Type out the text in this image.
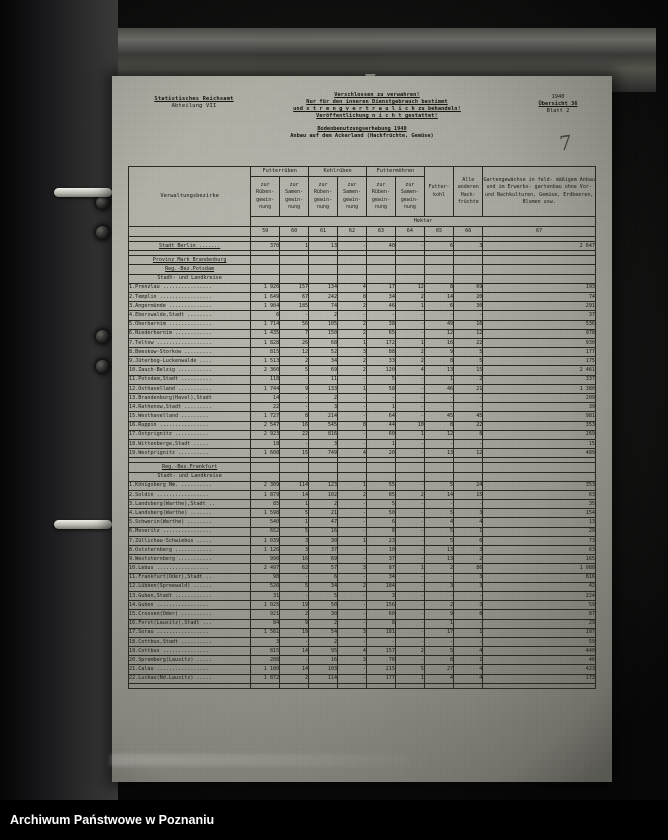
Statistisches Reichsamt
Abteilung VII
Verschlossen zu verwahren!
Nur für den inneren Dienstgebrauch bestimmt
und s t r e n g v e r t r a u l i c h zu behandeln!
Veröffentlichung n i c h t gestattet!
1940
Übersicht 36
Blatt 2
7
Bodenbenutzungserhebung 1940
Anbau auf dem Ackerland (Hackfrüchte, Gemüse)
Verwaltungsbezirke	Futterrüben		Kohlrüben		Futtermöhren		Futter- kohl	Alle anderen Hack- früchte	Gartengewächse in feld- mäßigem Anbau und im Erwerbs- gartenbau ohne Vor- und Nachkulturen, Gemüse, Erdbeeren, Blumen usw.
	zur Rüben- gewin- nung	zur Samen- gewin- nung	zur Rüben- gewin- nung	zur Samen- gewin- nung	zur Rüben- gewin- nung	zur Samen- gewin- nung			
	Hektar								
	59	60	61	62	63	64	65	66	67

Stadt Berlin .......	370	1	13	-	40	-	6	3	2 647

Provinz Mark Brandenburg									
Reg.-Bez.Potsdam									
Stadt- und Landkreise									
1.Prenzlau ................	1 926	157	134	4	17	12	8	69	193
2.Templin .................	1 649	67	242	8	34	2	14	20	74
3.Angermünde ..............	1 904	185	74	2	46	1	6	30	291
4.Eberswalde,Stadt ........	6	-	2	-	-	-	-	-	37
5.Oberbarnim ..............	1 714	56	105	2	38	-	49	16	536
6.Niederbarnim ............	1 435	7	150	2	65	-	12	12	978
7.Teltow ..................	1 828	26	68	1	172	1	16	22	930
8.Beeskow-Storkow .........	815	12	52	3	88	2	9	5	177
9.Jüterbog-Luckenwalde ....	1 513	2	34	2	33	2	8	5	175
10.Zauch-Belzig ...........	2 360	5	69	2	120	4	13	15	2 461
11.Potsdam,Stadt ..........	118	-	11	-	5	-	1	2	337
12.Osthavelland ...........	1 744	9	133	1	58	-	46	21	1 380
13.Brandenburg(Havel),Stadt	14	-	2	-	-	-	-	-	209
14.Rathenow,Stadt .........	22	-	3	-	1	-	-	-	39
15.Westhavelland .........	1 727	8	214	-	64	-	45	45	981
16.Ruppin ................	2 547	16	545	8	44	10	8	22	353
17.Ostprignitz ...........	2 923	22	816	-	60	1	12	8	269
18.Wittenberge,Stadt .....	18	-	3	-	1	-	-	-	15
19.Westprignitz ..........	1 608	15	749	4	20	-	13	12	489

Reg.-Bez.Frankfurt									
Stadt- und Landkreise									
1.Königsberg Nm. ..........	2 309	114	123	1	55	-	5	24	353
2.Soldin .................	1 879	14	102	2	85	2	14	15	63
3.Landsberg(Warthe),Stadt ..	85	1	2	-	5	-	-	-	35
4.Landsberg(Warthe) .......	1 598	5	21	-	50	-	5	3	154
5.Schwerin(Warthe) ........	540	1	47	-	6	-	4	4	13
6.Meseritz ................	652	5	16	-	8	-	5	1	29
7.Züllichau-Schwiebus .....	1 039	3	30	1	23	-	5	6	73
8.Oststernberg ............	1 126	3	37	-	10	-	13	3	63
9.Weststernberg ...........	990	16	69	-	37	-	13	2	165
10.Lebus .................	2 497	62	57	3	87	1	2	86	1 080
11.Frankfurt(Oder),Stadt ..	98	-	6	-	34	-	-	3	816
12.Lübben(Spreewald) ......	526	5	34	2	184	-	3	3	42
13.Guben,Stadt ............	31	-	5	-	3	-	-	-	224
14.Guben .................	1 025	19	50	-	156	-	2	3	59
15.Crossen(Oder) ..........	921	2	30	-	60	-	9	8	87
16.Forst(Lausitz),Stadt ...	84	9	2	-	8	-	1	-	29
17.Sorau .................	1 561	19	54	3	181	-	17	1	107
18.Cottbus,Stadt ..........	3	-	2	-	-	-	-	-	59
19.Cottbus ...............	815	14	95	4	157	2	5	4	440
20.Spremberg(Lausitz) .....	288	-	16	3	76	-	8	1	46
21.Calau .................	1 180	14	103	-	215	5	27	4	423
22.Luckau(Nd.Lausitz) .....	1 872	2	114	-	177	1	4	4	173

Archiwum Państwowe w Poznaniu
